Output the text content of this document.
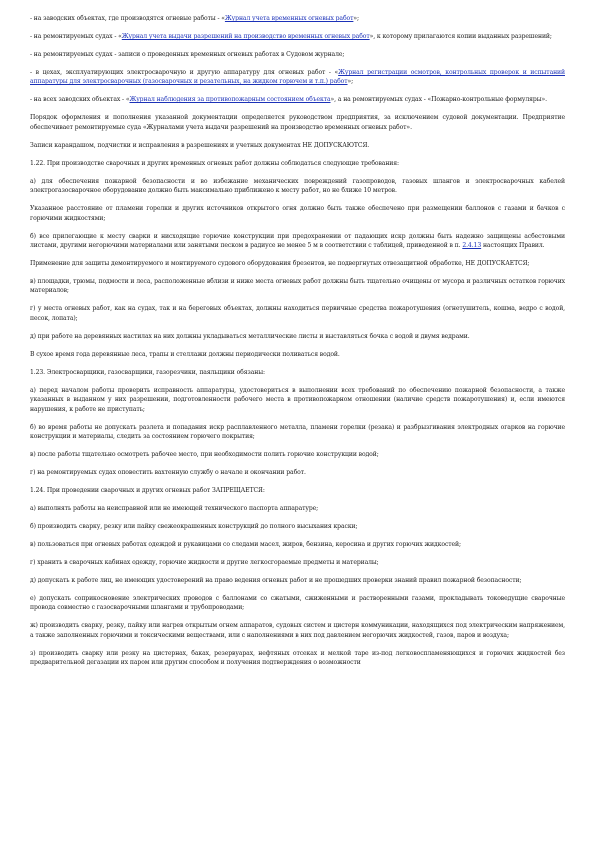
- на заводских объектах, где производятся огневые работы - «Журнал учета временных огневых работ»;

- на ремонтируемых судах - «Журнал учета выдачи разрешений на производство временных огневых работ», к которому прилагаются копии выданных разрешений;

- на ремонтируемых судах - записи о проведенных временных огневых работах в Судовом журнале;

- в цехах, эксплуатирующих электросварочную и другую аппаратуру для огневых работ - «Журнал регистрации осмотров, контрольных проверок и испытаний аппаратуры для электросварочных (газосварочных и резательных, на жидком горючем и т.п.) работ»;

- на всех заводских объектах - «Журнал наблюдения за противопожарным состоянием объекта», а на ремонтируемых судах - «Пожарно-контрольные формуляры».

Порядок оформления и пополнения указанной документации определяется руководством предприятия, за исключением судовой документации. Предприятие обеспечивает ремонтируемые суда «Журналами учета выдачи разрешений на производство временных огневых работ».

Записи карандашом, подчистки и исправления в разрешениях и учетных документах НЕ ДОПУСКАЮТСЯ.

1.22. При производстве сварочных и других временных огневых работ должны соблюдаться следующие требования:

а) для обеспечения пожарной безопасности и во избежание механических повреждений газопроводов, газовых шлангов и электросварочных кабелей электрогазосварочное оборудование должно быть максимально приближено к месту работ, но не ближе 10 метров.

Указанное расстояние от пламени горелки и других источников открытого огня должно быть также обеспечено при размещении баллонов с газами и бачков с горючими жидкостями;

б) все прилегающие к месту сварки и нисходящие горючие конструкции при предохранении от падающих искр должны быть надежно защищены асбестовыми листами, другими негорючими материалами или занятыми песком в радиусе не менее 5 м в соответствии с таблицей, приведенной в п. 2.4.13 настоящих Правил.

Применение для защиты демонтируемого и монтируемого судового оборудования брезентов, не подвергнутых отвезащитной обработке, НЕ ДОПУСКАЕТСЯ;

в) площадки, трюмы, подмости и леса, расположенные вблизи и ниже места огневых работ должны быть тщательно очищены от мусора и различных остатков горючих материалов;

г) у места огневых работ, как на судах, так и на береговых объектах, должны находиться первичные средства пожаротушения (огнетушитель, кошма, ведро с водой, песок, лопата);

д) при работе на деревянных настилах на них должны укладываться металлические листы и выставляться бочка с водой и двумя ведрами.

В сухое время года деревянные леса, трапы и стеллажи должны периодически поливаться водой.

1.23. Электросварщики, газосварщики, газорезчики, паяльщики обязаны:

а) перед началом работы проверить исправность аппаратуры, удостовериться в выполнении всех требований по обеспечению пожарной безопасности, а также указанных в выданном у них разрешении, подготовленности рабочего места в противопожарном отношении (наличие средств пожаротушения) и, если имеются нарушения, к работе не приступать;

б) во время работы не допускать разлета и попадания искр расплавленного металла, пламени горелки (резака) и разбрызгивания электродных огарков на горючие конструкции и материалы, следить за состоянием горючего покрытия;

в) после работы тщательно осмотреть рабочее место, при необходимости полить горючие конструкции водой;

г) на ремонтируемых судах оповестить вахтенную службу о начале и окончании работ.

1.24. При проведении сварочных и других огневых работ ЗАПРЕЩАЕТСЯ:

а) выполнять работы на неисправной или не имеющей технического паспорта аппаратуре;

б) производить сварку, резку или пайку свежеокрашенных конструкций до полного высыхания краски;

в) пользоваться при огневых работах одеждой и рукавицами со следами масел, жиров, бензина, керосина и других горючих жидкостей;

г) хранить в сварочных кабинах одежду, горючие жидкости и другие легкосгораемые предметы и материалы;

д) допускать к работе лиц, не имеющих удостоверений на право ведения огневых работ и не прошедших проверки знаний правил пожарной безопасности;

е) допускать соприкосновение электрических проводов с баллонами со сжатыми, сжиженными и растворенными газами, прокладывать токоведущие сварочные провода совместно с газосварочными шлангами и трубопроводами;

ж) производить сварку, резку, пайку или нагрев открытым огнем аппаратов, судовых систем и цистерн коммуникации, находящихся под электрическим напряжением, а также заполненных горючими и токсическими веществами, или с наполнениями в них под давлением негорючих жидкостей, газов, паров и воздуха;

з) производить сварку или резку на цистернах, баках, резервуарах, нефтяных отсеках и мелкой таре из-под легковоспламеняющихся и горючих жидкостей без предварительной дегазации их паром или другим способом и получения подтверждения о возможности
